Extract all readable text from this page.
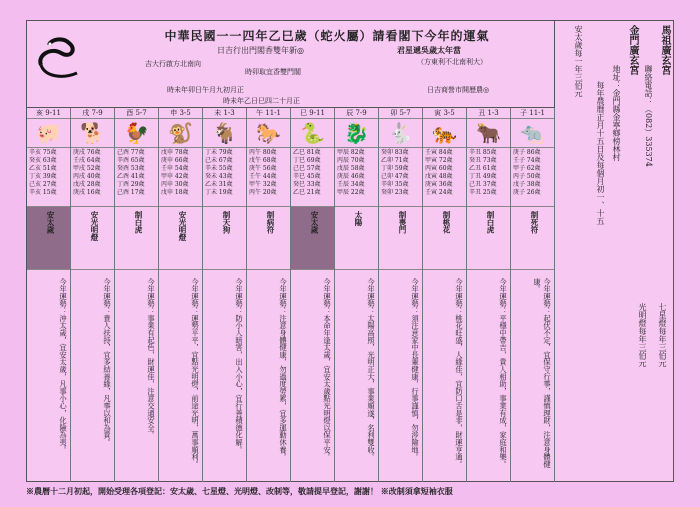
中華民國一一四年乙巳歲（蛇火屬）請看閣下今年的運氣
日吉行出門閣香雙年新◎	君星遞吳歲太年當
（方東利不北南利大）
吉大行啟方北南向
時卯取宜香雙門閣
時未年卯日午月九初月正
時未年乙日巳四二十月正
日吉商營市開歷農◎
馬祖廣玄宮
聯絡電話：（082）335374
金門廣玄宮
地址：金門縣金寧鄉榜林村
每年農曆正月十五日及每個月初一、十五
安太歲每一年三佰元
七星燈每年三佰元
光明燈每年三佰元
子 11-1
🐀
庚子 86歲
壬子 74歲
甲子 62歲
丙子 50歲
戊子 38歲
庚子 26歲
制死符
今年運勢：起伏不定，宜保守行事，謹慎理財，注意身體健康。
丑 1-3
🐂
辛丑 85歲
癸丑 73歲
乙丑 61歲
丁丑 49歲
己丑 37歲
辛丑 25歲
制白虎
今年運勢：平穩中帶吉，貴人相助，事業有成，家庭和樂。
寅 3-5
🐅
壬寅 84歲
甲寅 72歲
丙寅 60歲
戊寅 48歲
庚寅 36歲
壬寅 24歲
制桃花
今年運勢：桃花旺盛，人緣佳，宜防口舌是非，財運亨通。
卯 5-7
🐇
癸卯 83歲
乙卯 71歲
丁卯 59歲
己卯 47歲
辛卯 35歲
癸卯 23歲
制喪門
今年運勢：須注意家中長輩健康，行事謹慎，勿涉險地。
辰 7-9
🐉
甲辰 82歲
丙辰 70歲
戊辰 58歲
庚辰 46歲
壬辰 34歲
甲辰 22歲
太陽
今年運勢：太陽高照，光明正大，事業順遂，名利雙收。
巳 9-11
🐍
乙巳 81歲
丁巳 69歲
己巳 57歲
辛巳 45歲
癸巳 33歲
乙巳 21歲
安太歲
今年運勢：本命年逢太歲，宜安太歲點光明燈以保平安。
午 11-1
🐎
丙午 80歲
戊午 68歲
庚午 56歲
壬午 44歲
甲午 32歲
丙午 20歲
制病符
今年運勢：注意身體健康，勿過度勞累，宜多運動休養。
未 1-3
🐐
丁未 79歲
己未 67歲
辛未 55歲
癸未 43歲
乙未 31歲
丁未 19歲
制天狗
今年運勢：防小人暗害，出入小心，宜行善積德化解。
申 3-5
🐒
戊申 78歲
庚申 66歲
壬申 54歲
甲申 42歲
丙申 30歲
戊申 18歲
安光明燈
今年運勢：運勢平平，宜點光明燈，前途光明，萬事順利。
酉 5-7
🐓
己酉 77歲
辛酉 65歲
癸酉 53歲
乙酉 41歲
丁酉 29歲
己酉 17歲
制白虎
今年運勢：事業有起色，財運佳，注意交通安全。
戌 7-9
🐕
庚戌 76歲
壬戌 64歲
甲戌 52歲
丙戌 40歲
戊戌 28歲
庚戌 16歲
安光明燈
今年運勢：貴人扶持，宜多結善緣，凡事以和為貴。
亥 9-11
🐖
辛亥 75歲
癸亥 63歲
乙亥 51歲
丁亥 39歲
己亥 27歲
辛亥 15歲
安太歲
今年運勢：沖太歲，宜安太歲，凡事小心，化險為夷。
※農曆十二月初起，開始受理各項登記：安太歲、七星燈、光明燈、改制等，敬請提早登記，謝謝！ ※改制須拿短袖衣服
